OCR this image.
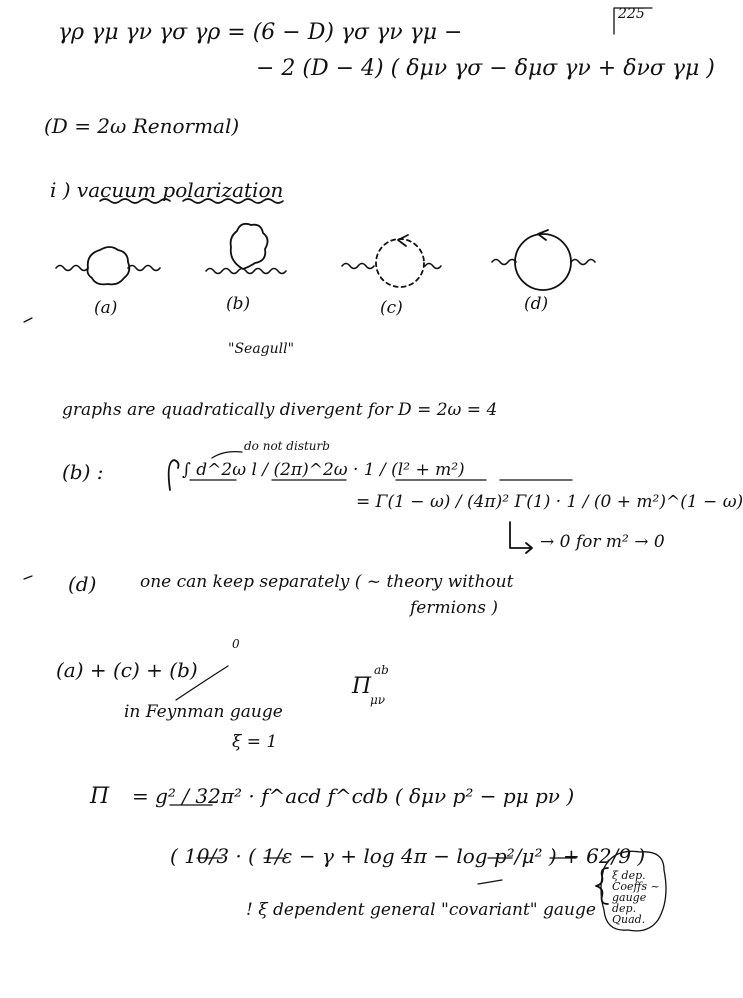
225
γρ γμ γν γσ γρ = (6 − D) γσ γν γμ −
− 2 (D − 4) ( δμν γσ − δμσ γν + δνσ γμ )
(D = 2ω Renormal)
i ) vacuum polarization
(a)	(b)	(c)	(d)
"Seagull"
graphs are quadratically divergent for D = 2ω = 4
do not disturb
(b) :	∫ d^2ω l / (2π)^2ω · 1 / (l² + m²)
= Γ(1 − ω) / (4π)² Γ(1) · 1 / (0 + m²)^(1 − ω)
→ 0 for m² → 0
(d)	one can keep separately ( ~ theory without
fermions )
(a) + (c) + (b)
0
Π
ab
μν
in Feynman gauge
ξ = 1
Π = g² / 32π² · f^acd f^cdb ( δμν p² − pμ pν )
( 10/3 · ( 1/ε − γ + log 4π − log p²/μ² ) + 62/9 )
! ξ dependent general "covariant" gauge
ξ dep. Coeffs ~ gauge dep. Quad.
